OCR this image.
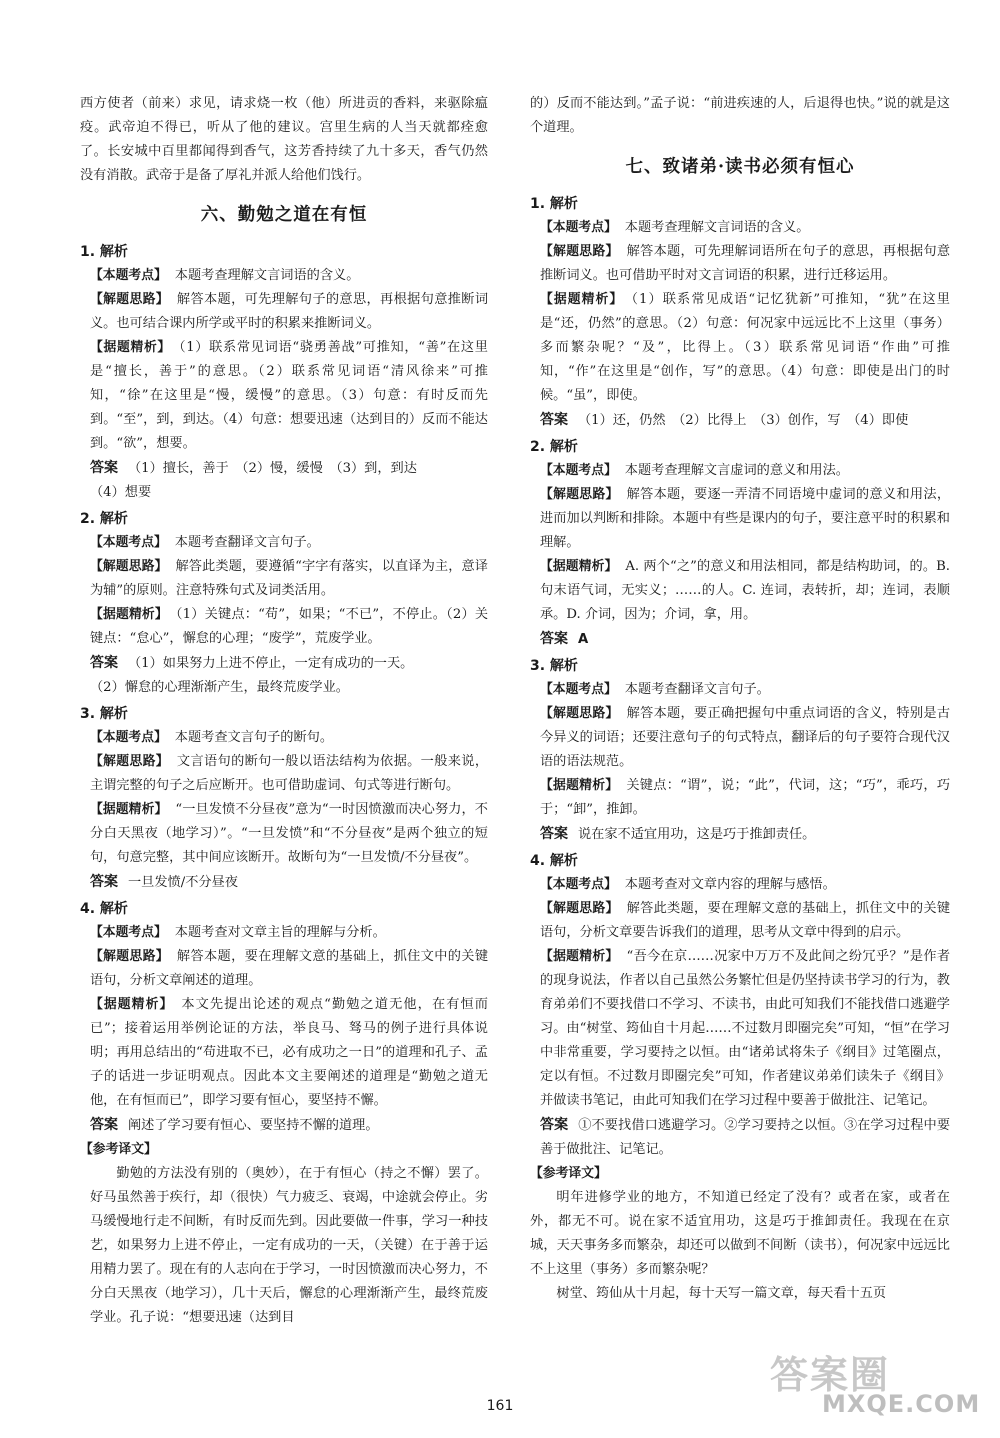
西方使者（前来）求见，请求烧一枚（他）所进贡的香料，来驱除瘟疫。武帝迫不得已，听从了他的建议。宫里生病的人当天就都痊愈了。长安城中百里都闻得到香气，这芳香持续了九十多天，香气仍然没有消散。武帝于是备了厚礼并派人给他们饯行。

六、勤勉之道在有恒
1. 解析

【本题考点】 本题考查理解文言词语的含义。

【解题思路】 解答本题，可先理解句子的意思，再根据句意推断词义。也可结合课内所学或平时的积累来推断词义。

【据题精析】 （1）联系常见词语“骁勇善战”可推知，“善”在这里是“擅长，善于”的意思。（2）联系常见词语“清风徐来”可推知，“徐”在这里是“慢，缓慢”的意思。（3）句意：有时反而先到。“至”，到，到达。（4）句意：想要迅速（达到目的）反而不能达到。“欲”，想要。

答案 （1）擅长，善于　（2）慢，缓慢　（3）到，到达

（4）想要

2. 解析

【本题考点】 本题考查翻译文言句子。

【解题思路】 解答此类题，要遵循“字字有落实，以直译为主，意译为辅”的原则。注意特殊句式及词类活用。

【据题精析】 （1）关键点：“苟”，如果；“不已”，不停止。（2）关键点：“怠心”，懈怠的心理；“废学”，荒废学业。

答案 （1）如果努力上进不停止，一定有成功的一天。

（2）懈怠的心理渐渐产生，最终荒废学业。

3. 解析

【本题考点】 本题考查文言句子的断句。

【解题思路】 文言语句的断句一般以语法结构为依据。一般来说，主谓完整的句子之后应断开。也可借助虚词、句式等进行断句。

【据题精析】 “一旦发愤不分昼夜”意为“一时因愤激而决心努力，不分白天黑夜（地学习）”。“一旦发愤”和“不分昼夜”是两个独立的短句，句意完整，其中间应该断开。故断句为“一旦发愤/不分昼夜”。

答案 一旦发愤/不分昼夜

4. 解析

【本题考点】 本题考查对文章主旨的理解与分析。

【解题思路】 解答本题，要在理解文意的基础上，抓住文中的关键语句，分析文章阐述的道理。

【据题精析】 本文先提出论述的观点“勤勉之道无他，在有恒而已”；接着运用举例论证的方法，举良马、驽马的例子进行具体说明；再用总结出的“苟进取不已，必有成功之一日”的道理和孔子、孟子的话进一步证明观点。因此本文主要阐述的道理是“勤勉之道无他，在有恒而已”，即学习要有恒心，要坚持不懈。

答案 阐述了学习要有恒心、要坚持不懈的道理。

【参考译文】

勤勉的方法没有别的（奥妙），在于有恒心（持之不懈）罢了。好马虽然善于疾行，却（很快）气力疲乏、衰竭，中途就会停止。劣马缓慢地行走不间断，有时反而先到。因此要做一件事，学习一种技艺，如果努力上进不停止，一定有成功的一天，（关键）在于善于运用精力罢了。现在有的人志向在于学习，一时因愤激而决心努力，不分白天黑夜（地学习），几十天后，懈怠的心理渐渐产生，最终荒废学业。孔子说：“想要迅速（达到目

的）反而不能达到。”孟子说：“前进疾速的人，后退得也快。”说的就是这个道理。

七、致诸弟·读书必须有恒心
1. 解析

【本题考点】 本题考查理解文言词语的含义。

【解题思路】 解答本题，可先理解词语所在句子的意思，再根据句意推断词义。也可借助平时对文言词语的积累，进行迁移运用。

【据题精析】 （1）联系常见成语“记忆犹新”可推知，“犹”在这里是“还，仍然”的意思。（2）句意：何况家中远远比不上这里（事务）多而繁杂呢？“及”，比得上。（3）联系常见词语“作曲”可推知，“作”在这里是“创作，写”的意思。（4）句意：即使是出门的时候。“虽”，即使。

答案 （1）还，仍然　（2）比得上　（3）创作，写　（4）即使

2. 解析

【本题考点】 本题考查理解文言虚词的意义和用法。

【解题思路】 解答本题，要逐一弄清不同语境中虚词的意义和用法，进而加以判断和排除。本题中有些是课内的句子，要注意平时的积累和理解。

【据题精析】 A. 两个“之”的意义和用法相同，都是结构助词，的。B. 句末语气词，无实义；……的人。C. 连词，表转折，却；连词，表顺承。D. 介词，因为；介词，拿，用。

答案 A

3. 解析

【本题考点】 本题考查翻译文言句子。

【解题思路】 解答本题，要正确把握句中重点词语的含义，特别是古今异义的词语；还要注意句子的句式特点，翻译后的句子要符合现代汉语的语法规范。

【据题精析】 关键点：“谓”，说；“此”，代词，这；“巧”，乖巧，巧于；“卸”，推卸。

答案 说在家不适宜用功，这是巧于推卸责任。

4. 解析

【本题考点】 本题考查对文章内容的理解与感悟。

【解题思路】 解答此类题，要在理解文意的基础上，抓住文中的关键语句，分析文章要告诉我们的道理，思考从文章中得到的启示。

【据题精析】 “吾今在京……况家中万万不及此间之纷冗乎？”是作者的现身说法，作者以自己虽然公务繁忙但是仍坚持读书学习的行为，教育弟弟们不要找借口不学习、不读书，由此可知我们不能找借口逃避学习。由“树堂、筠仙自十月起……不过数月即圈完矣”可知，“恒”在学习中非常重要，学习要持之以恒。由“诸弟试将朱子《纲目》过笔圈点，定以有恒。不过数月即圈完矣”可知，作者建议弟弟们读朱子《纲目》并做读书笔记，由此可知我们在学习过程中要善于做批注、记笔记。

答案 ①不要找借口逃避学习。②学习要持之以恒。③在学习过程中要善于做批注、记笔记。

【参考译文】

明年进修学业的地方，不知道已经定了没有？或者在家，或者在外，都无不可。说在家不适宜用功，这是巧于推卸责任。我现在在京城，天天事务多而繁杂，却还可以做到不间断（读书），何况家中远远比不上这里（事务）多而繁杂呢？

树堂、筠仙从十月起，每十天写一篇文章，每天看十五页

161
答案圈
MXQE.COM
